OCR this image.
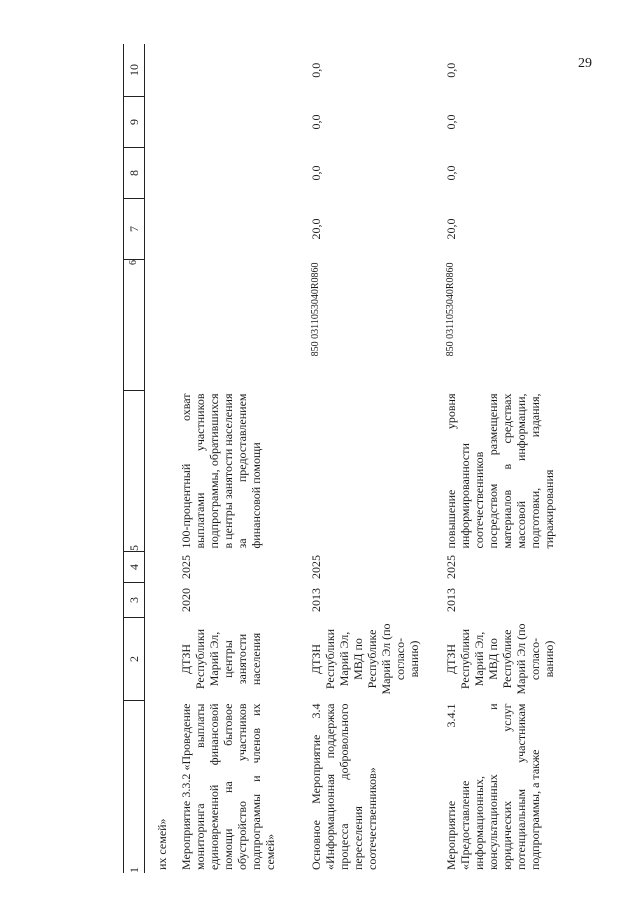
29
1	2	3	4	5	6	7	8	9	10
их семей»									
Мероприятие 3.3.2 «Проведение мониторинга выплаты единовременной финансовой помощи на бытовое обустройство участников подпрограммы и членов их семей»	ДТЗН Республики Марий Эл, центры занятости населения	2020	2025	100-процентный охват выплатами участников подпрограммы, обратившихся в центры занятости населения за предоставлением финансовой помощи					
Основное Мероприятие 3.4 «Информационная поддержка процесса добровольного переселения соотечественников»	ДТЗН Республики Марий Эл, МВД по Республике Марий Эл (по согласо-ванию)	2013	2025		850 0311053040R0860	20,0	0,0	0,0	0,0
Мероприятие 3.4.1 «Предоставление информационных, консультационных и юридических услуг потенциальным участникам подпрограммы, а также	ДТЗН Республики Марий Эл, МВД по Республике Марий Эл (по согласо-ванию)	2013	2025	повышение уровня информированности соотечественников посредством размещения материалов в средствах массовой информации, подготовки, издания, тиражирования	850 0311053040R0860	20,0	0,0	0,0	0,0
